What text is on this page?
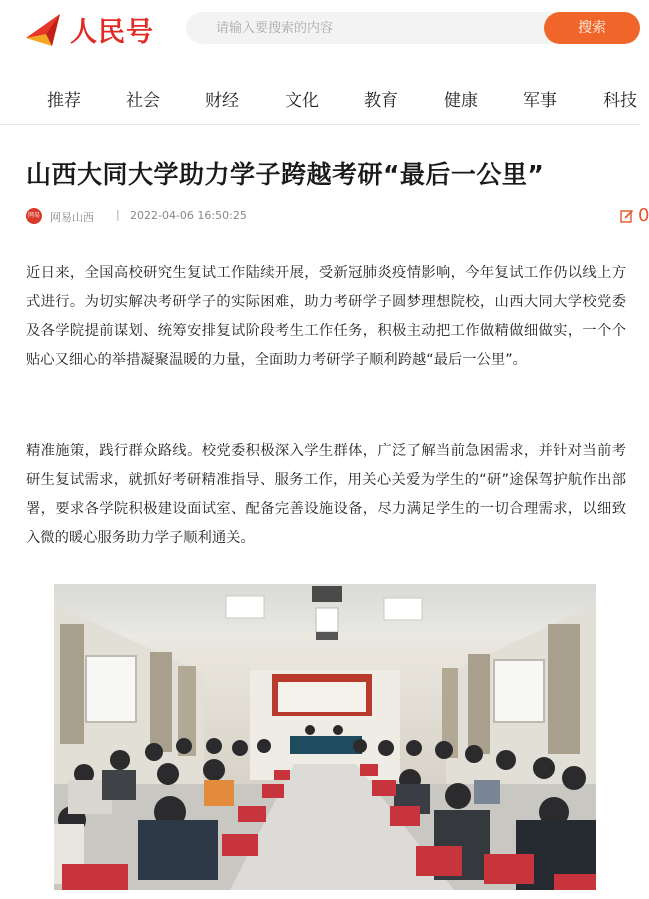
人民号
请输入要搜索的内容	搜索
推荐	社会	财经	文化	教育	健康	军事	科技
山西大同大学助力学子跨越考研“最后一公里”
网易 网易山西 | 2022-04-06 16:50:25	0

近日来，全国高校研究生复试工作陆续开展，受新冠肺炎疫情影响，今年复试工作仍以线上方式进行。为切实解决考研学子的实际困难，助力考研学子圆梦理想院校，山西大同大学校党委及各学院提前谋划、统筹安排复试阶段考生工作任务，积极主动把工作做精做细做实，一个个贴心又细心的举措凝聚温暖的力量，全面助力考研学子顺利跨越“最后一公里”。

精准施策，践行群众路线。校党委积极深入学生群体，广泛了解当前急困需求，并针对当前考研生复试需求，就抓好考研精准指导、服务工作，用关心关爱为学生的“研”途保驾护航作出部署，要求各学院积极建设面试室、配备完善设施设备，尽力满足学生的一切合理需求，以细致入微的暖心服务助力学子顺利通关。
